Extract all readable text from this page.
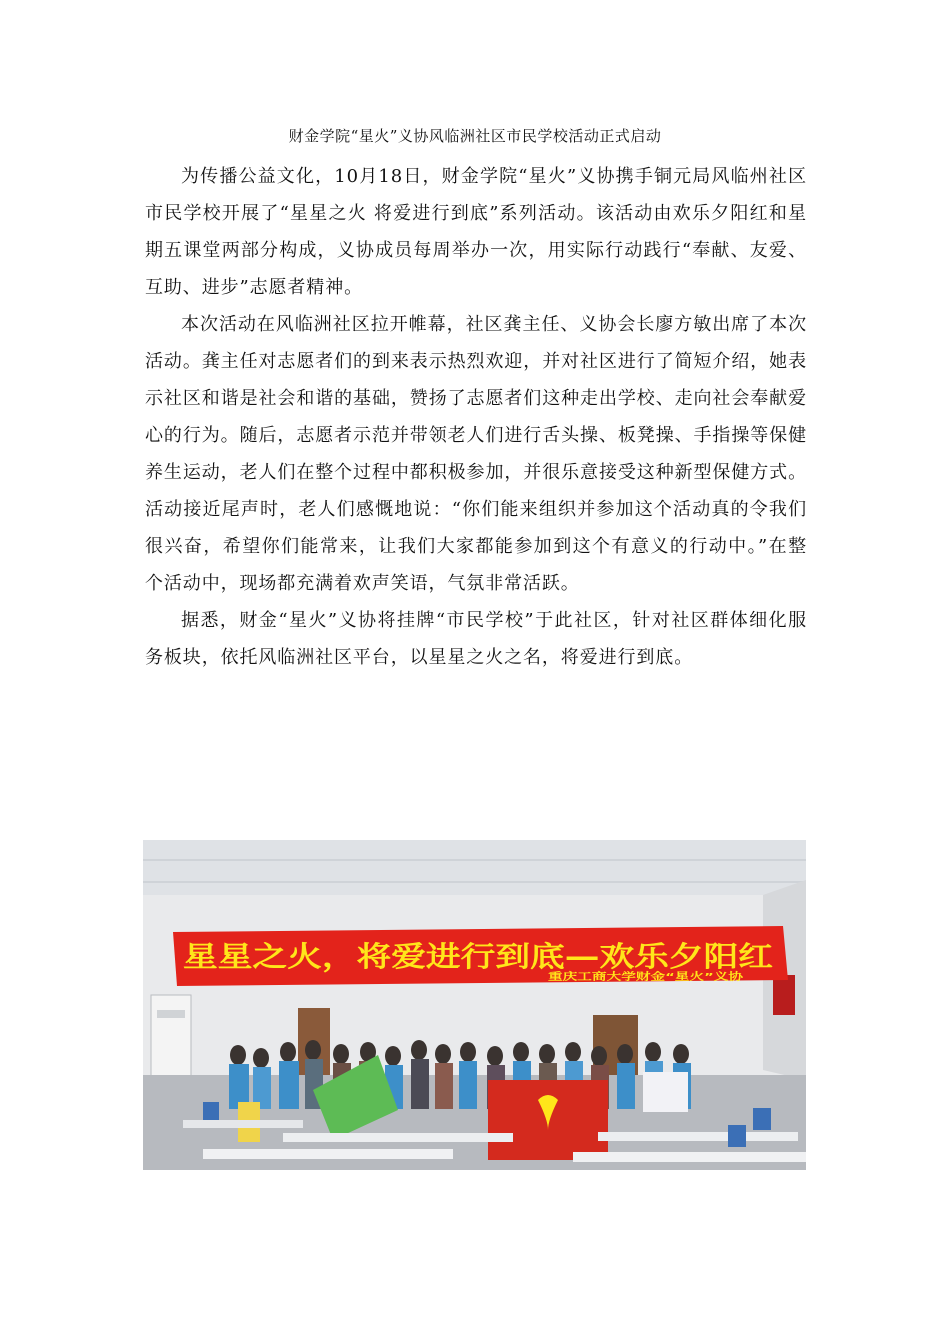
财金学院“星火”义协风临洲社区市民学校活动正式启动

为传播公益文化，10月18日，财金学院“星火”义协携手铜元局风临州社区市民学校开展了“星星之火 将爱进行到底”系列活动。该活动由欢乐夕阳红和星期五课堂两部分构成，义协成员每周举办一次，用实际行动践行“奉献、友爱、互助、进步”志愿者精神。

本次活动在风临洲社区拉开帷幕，社区龚主任、义协会长廖方敏出席了本次活动。龚主任对志愿者们的到来表示热烈欢迎，并对社区进行了简短介绍，她表示社区和谐是社会和谐的基础，赞扬了志愿者们这种走出学校、走向社会奉献爱心的行为。随后，志愿者示范并带领老人们进行舌头操、板凳操、手指操等保健养生运动，老人们在整个过程中都积极参加，并很乐意接受这种新型保健方式。活动接近尾声时，老人们感慨地说：“你们能来组织并参加这个活动真的令我们很兴奋，希望你们能常来，让我们大家都能参加到这个有意义的行动中。”在整个活动中，现场都充满着欢声笑语，气氛非常活跃。

据悉，财金“星火”义协将挂牌“市民学校”于此社区，针对社区群体细化服务板块，依托风临洲社区平台，以星星之火之名，将爱进行到底。

星星之火，将爱进行到底—欢乐夕阳红
重庆工商大学财金“星火”义协
